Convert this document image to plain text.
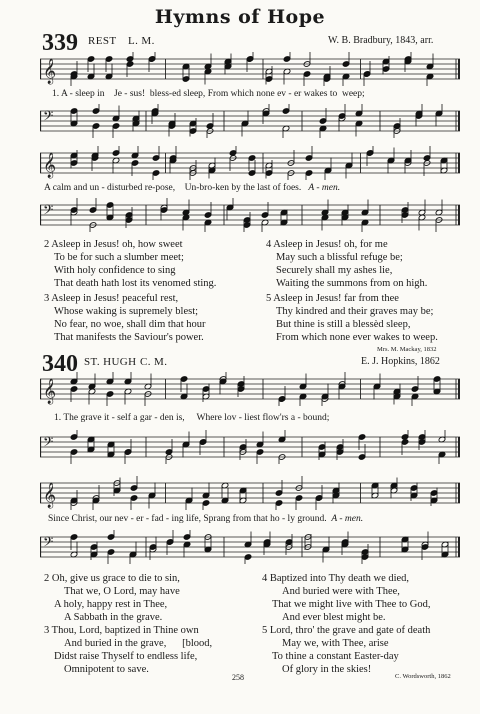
Hymns of Hope
339 REST L. M.	W. B. Bradbury, 1843, arr.
𝄞
1. A - sleep in Je - sus! bless-ed sleep, From which none ev - er wakes to weep;
𝄢
𝄞
A calm and un - disturbed re-pose, Un-bro-ken by the last of foes. A - men.
𝄢
2 Asleep in Jesus! oh, how sweet
To be for such a slumber meet;
With holy confidence to sing
That death hath lost its venomed sting.
3 Asleep in Jesus! peaceful rest,
Whose waking is supremely blest;
No fear, no woe, shall dim that hour
That manifests the Saviour's power.
4 Asleep in Jesus! oh, for me
May such a blissful refuge be;
Securely shall my ashes lie,
Waiting the summons from on high.
5 Asleep in Jesus! far from thee
Thy kindred and their graves may be;
But thine is still a blessèd sleep,
From which none ever wakes to weep.
Mrs. M. Mackay, 1832
340 ST. HUGH C. M.	E. J. Hopkins, 1862
𝄞
1. The grave it - self a gar - den is, Where lov - liest flow'rs a - bound;
𝄢
𝄞
Since Christ, our nev - er - fad - ing life, Sprang from that ho - ly ground. A - men.
𝄢
2 Oh, give us grace to die to sin,
That we, O Lord, may have
A holy, happy rest in Thee,
A Sabbath in the grave.
3 Thou, Lord, baptized in Thine own
And buried in the grave,      [blood,
Didst raise Thyself to endless life,
Omnipotent to save.
4 Baptized into Thy death we died,
And buried were with Thee,
That we might live with Thee to God,
And ever blest might be.
5 Lord, thro' the grave and gate of death
May we, with Thee, arise
To thine a constant Easter-day
Of glory in the skies!
258	C. Wordsworth, 1862
